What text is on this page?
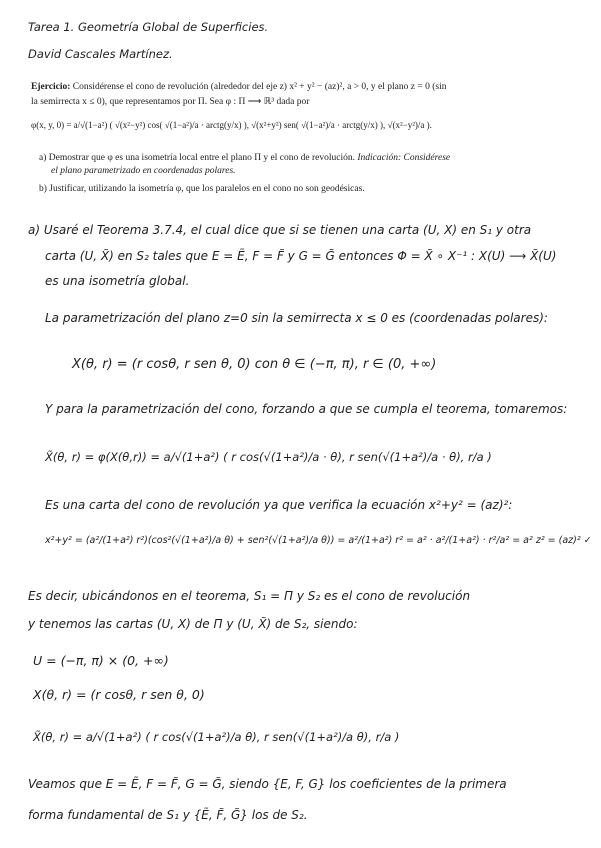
Tarea 1. Geometría Global de Superficies.
David Cascales Martínez.
Ejercicio: Considérense el cono de revolución (alrededor del eje z) x² + y² − (az)², a > 0, y el plano z = 0 (sin
la semirrecta x ≤ 0), que representamos por Π. Sea φ : Π ⟶ ℝ³ dada por
φ(x, y, 0) = a/√(1−a²) ( √(x²−y²) cos( √(1−a²)/a · arctg(y/x) ), √(x²+y²) sen( √(1−a²)/a · arctg(y/x) ), √(x²−y²)/a ).
a) Demostrar que φ es una isometría local entre el plano Π y el cono de revolución. Indicación: Considérese
el plano parametrizado en coordenadas polares.
b) Justificar, utilizando la isometría φ, que los paralelos en el cono no son geodésicas.
a) Usaré el Teorema 3.7.4, el cual dice que si se tienen una carta (U, X) en S₁ y otra
carta (U, X̃) en S₂ tales que E = Ẽ, F = F̃ y G = G̃ entonces Φ = X̃ ∘ X⁻¹ : X(U) ⟶ X̃(U)
es una isometría global.
La parametrización del plano z=0 sin la semirrecta x ≤ 0 es (coordenadas polares):
X(θ, r) = (r cosθ, r sen θ, 0) con θ ∈ (−π, π), r ∈ (0, +∞)
Y para la parametrización del cono, forzando a que se cumpla el teorema, tomaremos:
X̃(θ, r) = φ(X(θ,r)) = a/√(1+a²) ( r cos(√(1+a²)/a · θ), r sen(√(1+a²)/a · θ), r/a )
Es una carta del cono de revolución ya que verifica la ecuación x²+y² = (az)²:
x²+y² = (a²/(1+a²) r²)(cos²(√(1+a²)/a θ) + sen²(√(1+a²)/a θ)) = a²/(1+a²) r² = a² · a²/(1+a²) · r²/a² = a² z² = (az)² ✓
Es decir, ubicándonos en el teorema, S₁ = Π y S₂ es el cono de revolución
y tenemos las cartas (U, X) de Π y (U, X̃) de S₂, siendo:
U = (−π, π) × (0, +∞)
X(θ, r) = (r cosθ, r sen θ, 0)
X̃(θ, r) = a/√(1+a²) ( r cos(√(1+a²)/a θ), r sen(√(1+a²)/a θ), r/a )
Veamos que E = Ẽ, F = F̃, G = G̃, siendo {E, F, G} los coeficientes de la primera
forma fundamental de S₁ y {Ẽ, F̃, G̃} los de S₂.
